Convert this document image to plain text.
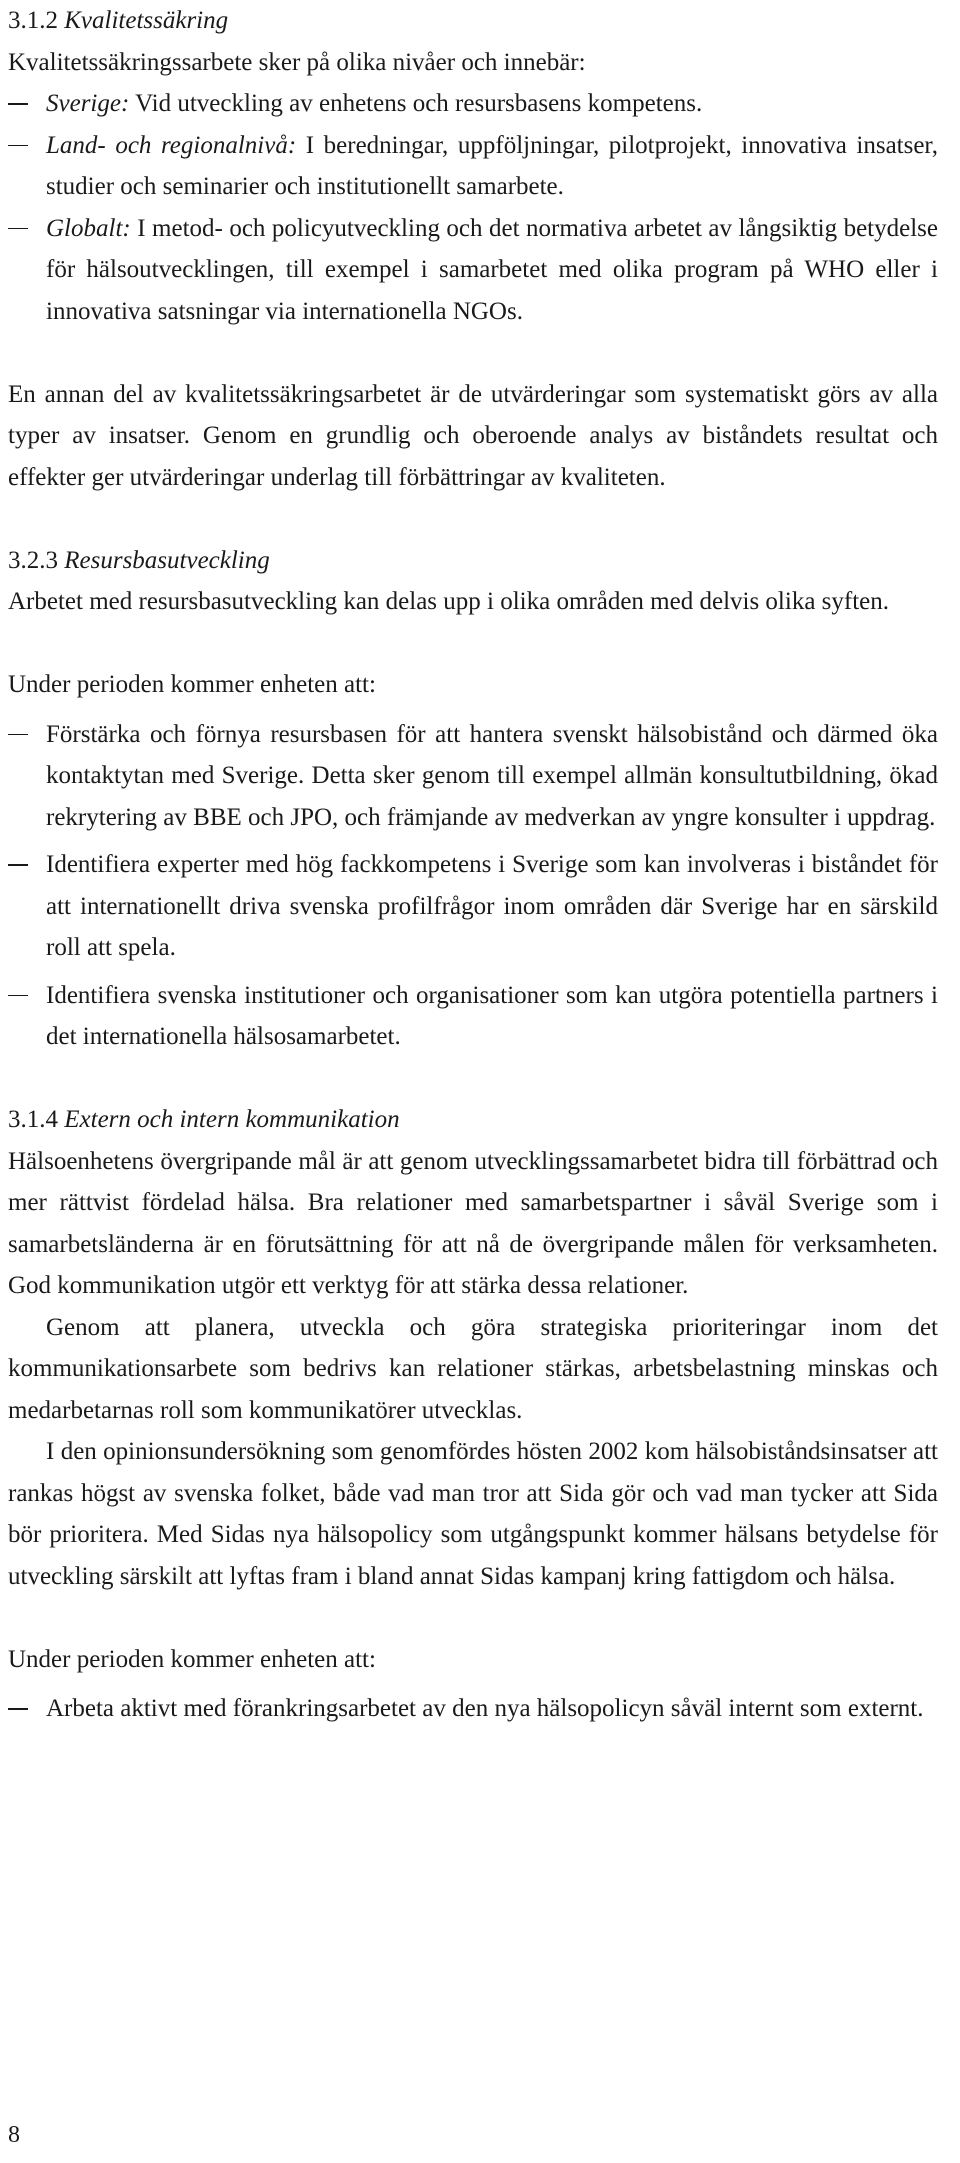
3.1.2 Kvalitetssäkring

Kvalitetssäkringssarbete sker på olika nivåer och innebär:

Sverige: Vid utveckling av enhetens och resursbasens kompetens.
Land- och regionalnivå: I beredningar, uppföljningar, pilotprojekt, innovativa insatser, studier och seminarier och institutionellt samarbete.
Globalt: I metod- och policyutveckling och det normativa arbetet av långsiktig betydelse för hälsoutvecklingen, till exempel i samarbetet med olika program på WHO eller i innovativa satsningar via internationella NGOs.

En annan del av kvalitetssäkringsarbetet är de utvärderingar som systematiskt görs av alla typer av insatser. Genom en grundlig och oberoende analys av biståndets resultat och effekter ger utvärderingar underlag till förbättringar av kvaliteten.

3.2.3 Resursbasutveckling

Arbetet med resursbasutveckling kan delas upp i olika områden med delvis olika syften.

Under perioden kommer enheten att:

Förstärka och förnya resursbasen för att hantera svenskt hälsobistånd och därmed öka kontaktytan med Sverige. Detta sker genom till exempel allmän konsultutbildning, ökad rekrytering av BBE och JPO, och främjande av medverkan av yngre konsulter i uppdrag.
Identifiera experter med hög fackkompetens i Sverige som kan involveras i biståndet för att internationellt driva svenska profilfrågor inom områden där Sverige har en särskild roll att spela.
Identifiera svenska institutioner och organisationer som kan utgöra potentiella partners i det internationella hälsosamarbetet.

3.1.4 Extern och intern kommunikation

Hälsoenhetens övergripande mål är att genom utvecklingssamarbetet bidra till förbättrad och mer rättvist fördelad hälsa. Bra relationer med samarbetspartner i såväl Sverige som i samarbetsländerna är en förutsättning för att nå de övergripande målen för verksamheten. God kommunikation utgör ett verktyg för att stärka dessa relationer.

Genom att planera, utveckla och göra strategiska prioriteringar inom det kommunikationsarbete som bedrivs kan relationer stärkas, arbetsbelastning minskas och medarbetarnas roll som kommunikatörer utvecklas.

I den opinionsundersökning som genomfördes hösten 2002 kom hälsobiståndsinsatser att rankas högst av svenska folket, både vad man tror att Sida gör och vad man tycker att Sida bör prioritera. Med Sidas nya hälsopolicy som utgångspunkt kommer hälsans betydelse för utveckling särskilt att lyftas fram i bland annat Sidas kampanj kring fattigdom och hälsa.

Under perioden kommer enheten att:

Arbeta aktivt med förankringsarbetet av den nya hälsopolicyn såväl internt som externt.
8
